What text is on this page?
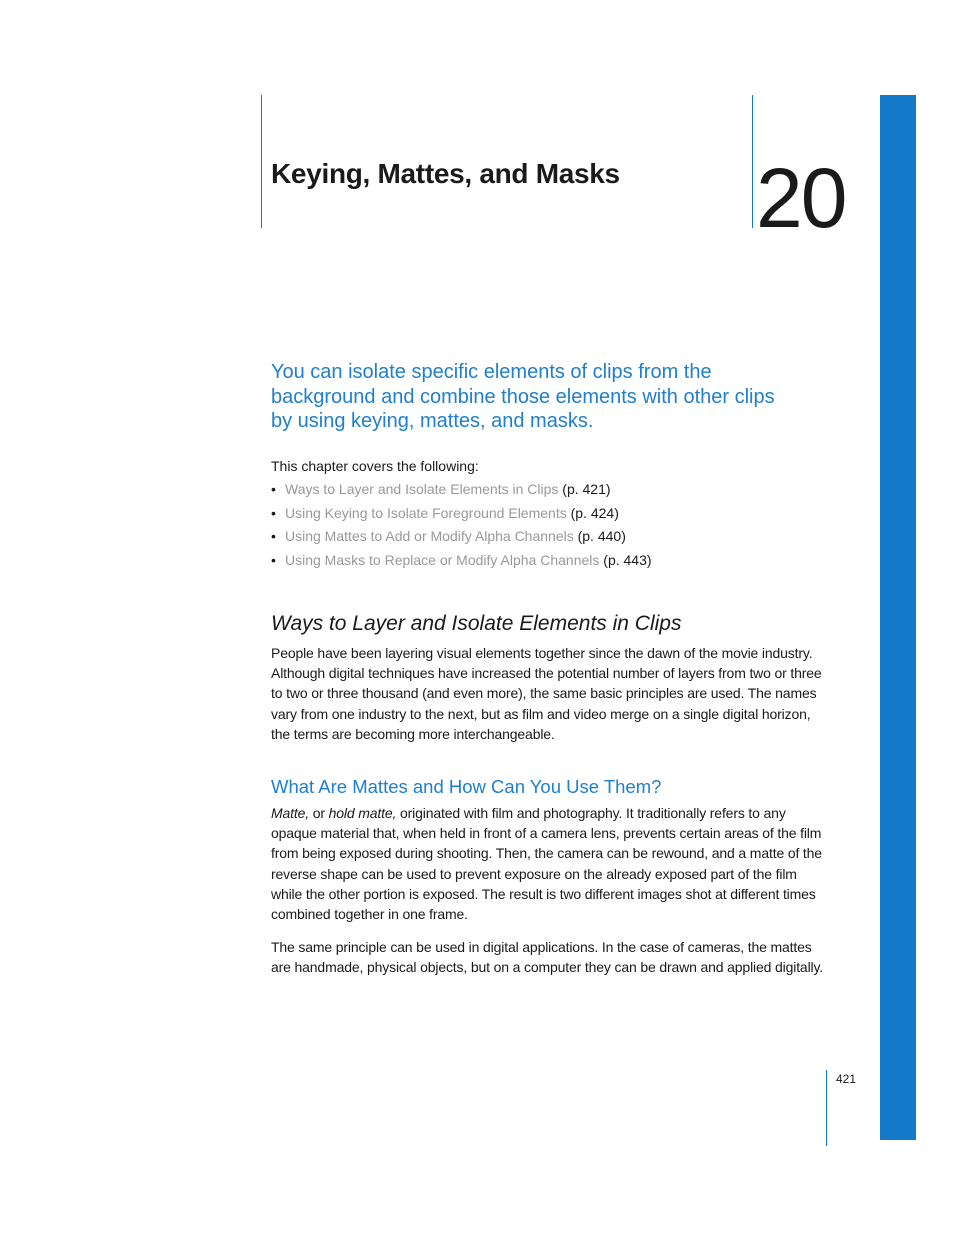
Keying, Mattes, and Masks 20

You can isolate specific elements of clips from the background and combine those elements with other clips by using keying, mattes, and masks.

This chapter covers the following:

• Ways to Layer and Isolate Elements in Clips (p. 421)
• Using Keying to Isolate Foreground Elements (p. 424)
• Using Mattes to Add or Modify Alpha Channels (p. 440)
• Using Masks to Replace or Modify Alpha Channels (p. 443)
Ways to Layer and Isolate Elements in Clips

People have been layering visual elements together since the dawn of the movie industry. Although digital techniques have increased the potential number of layers from two or three to two or three thousand (and even more), the same basic principles are used. The names vary from one industry to the next, but as film and video merge on a single digital horizon, the terms are becoming more interchangeable.

What Are Mattes and How Can You Use Them?

Matte, or hold matte, originated with film and photography. It traditionally refers to any opaque material that, when held in front of a camera lens, prevents certain areas of the film from being exposed during shooting. Then, the camera can be rewound, and a matte of the reverse shape can be used to prevent exposure on the already exposed part of the film while the other portion is exposed. The result is two different images shot at different times combined together in one frame.

The same principle can be used in digital applications. In the case of cameras, the mattes are handmade, physical objects, but on a computer they can be drawn and applied digitally.

421
